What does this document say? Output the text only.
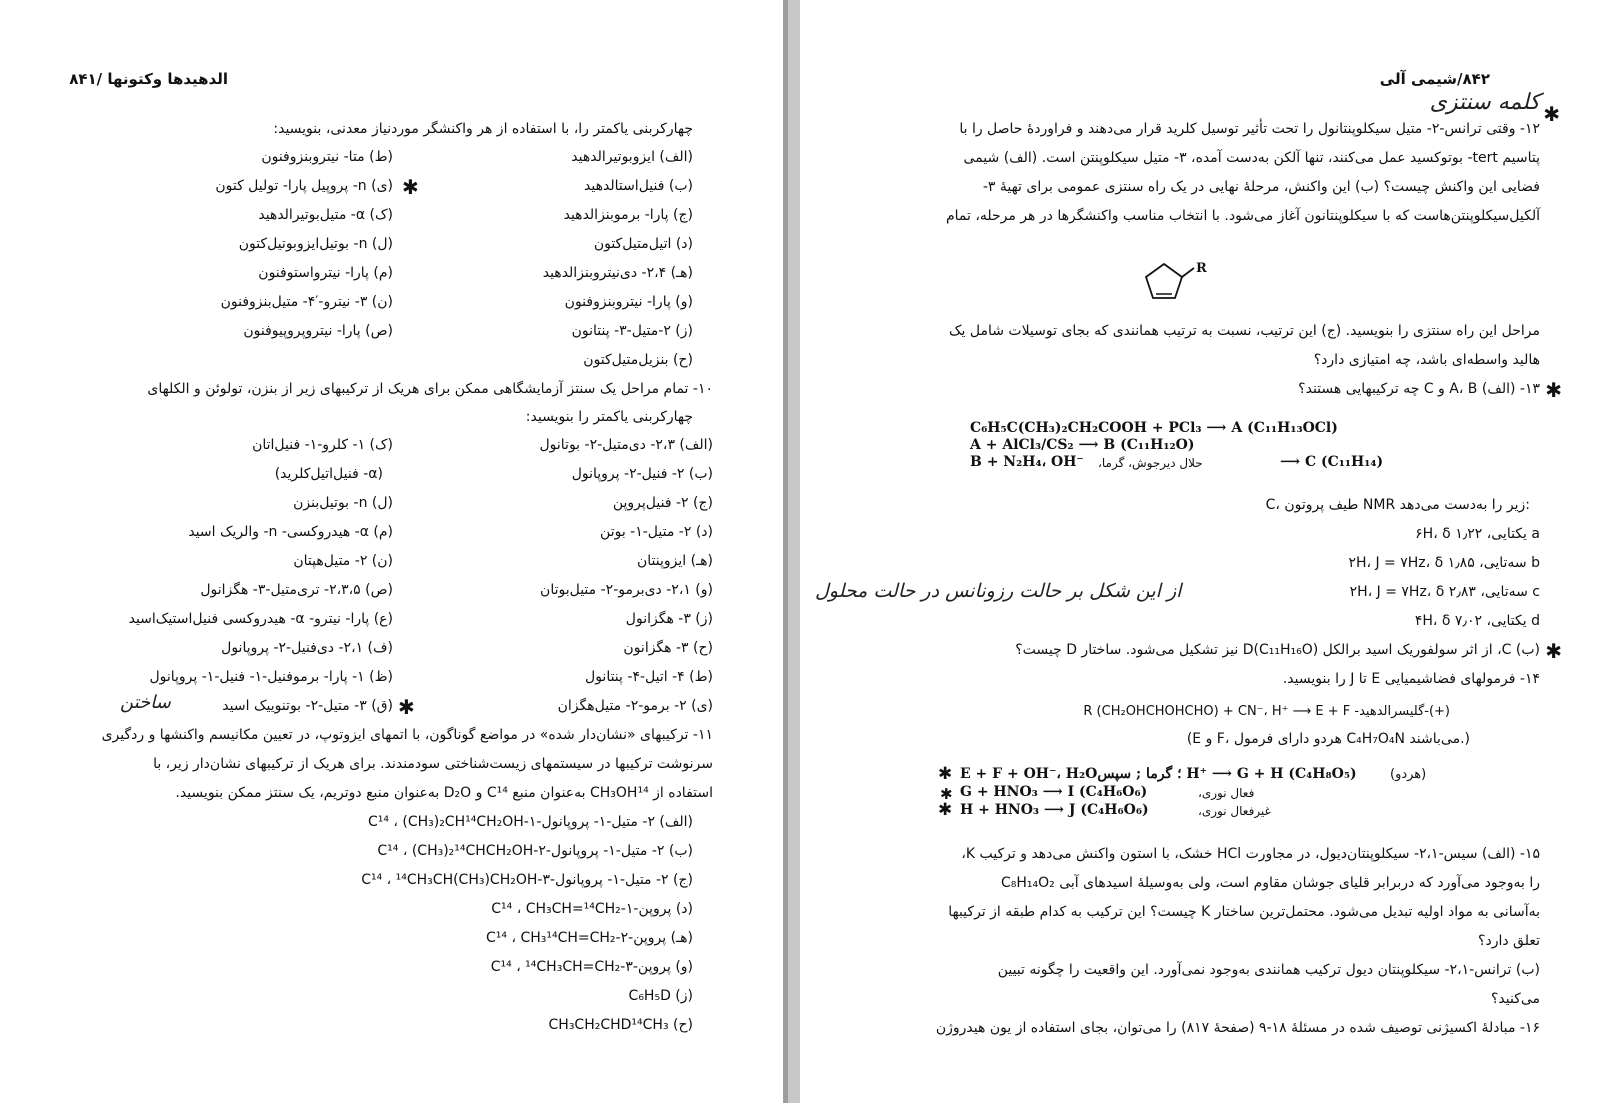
الدهیدها وکتونها /۸۴۱
چهارکربنی یاکمتر را، با استفاده از هر واکنشگر موردنیاز معدنی، بنویسید:
(الف) ایزوبوتیرالدهید
(ب) فنیل‌استالدهید
(ج) پارا- برموبنزالدهید
(د) اتیل‌متیل‌کتون
(هـ) ۲،۴- دی‌نیتروبنزالدهید
(و) پارا- نیتروبنزوفنون
(ز) ۲-متیل-۳- پنتانون
(ح) بنزیل‌متیل‌کتون
(ط) متا- نیتروبنزوفنون
(ی) n- پروپیل پارا- تولیل کتون ✱
(ک) α- متیل‌بوتیرالدهید
(ل) n- بوتیل‌ایزوبوتیل‌کتون
(م) پارا- نیترواستوفنون
(ن) ۳- نیترو-′۴- متیل‌بنزوفنون
(ص) پارا- نیتروپروپیوفنون
۱۰- تمام مراحل یک سنتز آزمایشگاهی ممکن برای هریک از ترکیبهای زیر از بنزن، تولوئن و الکلهای
چهارکربنی یاکمتر را بنویسید:
(الف) ۲،۳- دی‌متیل-۲- بوتانول
(ب) ۲- فنیل-۲- پروپانول
(ج) ۲- فنیل‌پروپن
(د) ۲- متیل-۱- بوتن
(هـ) ایزوپنتان
(و) ۲،۱- دی‌برمو-۲- متیل‌بوتان
(ز) ۳- هگزانول
(ح) ۳- هگزانون
(ط) ۴- اتیل-۴- پنتانول
(ی) ۲- برمو-۲- متیل‌هگزان
(ک) ۱- کلرو-۱- فنیل‌اتان
(α- فنیل‌اتیل‌کلرید)
(ل) n- بوتیل‌بنزن
(م) α- هیدروکسی- n- والریک اسید
(ن) ۲- متیل‌هپتان
(ص) ۲،۳،۵- تری‌متیل-۳- هگزانول
(ع) پارا- نیترو- α- هیدروکسی فنیل‌استیک‌اسید
(ف) ۲،۱- دی‌فنیل-۲- پروپانول
(ظ) ۱- پارا- برموفنیل-۱- فنیل-۱- پروپانول
(ق) ۳- متیل-۲- بوتنوییک اسید ✱
ساختن
۱۱- ترکیبهای «نشان‌دار شده» در مواضع گوناگون، با اتمهای ایزوتوپ، در تعیین مکانیسم واکنشها و ردگیری
سرنوشت ترکیبها در سیستمهای زیست‌شناختی سودمندند. برای هریک از ترکیبهای نشان‌دار زیر، با
استفاده از CH₃OH¹⁴ به‌عنوان منبع C¹⁴ و D₂O به‌عنوان منبع دوتریم، یک سنتز ممکن بنویسید.
(الف) ۲- متیل-۱- پروپانول-۱-C¹⁴ ، (CH₃)₂CH¹⁴CH₂OH
(ب) ۲- متیل-۱- پروپانول-۲-C¹⁴ ، (CH₃)₂¹⁴CHCH₂OH
(ج) ۲- متیل-۱- پروپانول-۳-C¹⁴ ، ¹⁴CH₃CH(CH₃)CH₂OH
(د) پروپن-۱-C¹⁴ ، CH₃CH=¹⁴CH₂
(هـ) پروپن-۲-C¹⁴ ، CH₃¹⁴CH=CH₂
(و) پروپن-۳-C¹⁴ ، ¹⁴CH₃CH=CH₂
(ز) C₆H₅D
(ح) CH₃CH₂CHD¹⁴CH₃
۸۴۲/شیمی آلی
کلمه سنتزی ✱
۱۲- وقتی ترانس-۲- متیل سیکلوپنتانول را تحت تأثیر توسیل کلرید قرار می‌دهند و فراوردهٔ حاصل را با
پتاسیم tert- بوتوکسید عمل می‌کنند، تنها آلکن به‌دست آمده، ۳- متیل سیکلوپنتن است. (الف) شیمی
فضایی این واکنش چیست؟ (ب) این واکنش، مرحلهٔ نهایی در یک راه سنتزی عمومی برای تهیهٔ ۳-
آلکیل‌سیکلوپنتن‌هاست که با سیکلوپنتانون آغاز می‌شود. با انتخاب مناسب واکنشگرها در هر مرحله، تمام
R
مراحل این راه سنتزی را بنویسید. (ج) این ترتیب، نسبت به ترتیب همانندی که بجای توسیلات شامل یک
هالید واسطه‌ای باشد، چه امتیازی دارد؟
۱۳- (الف) A، B و C چه ترکیبهایی هستند؟ ✱
C₆H₅C(CH₃)₂CH₂COOH + PCl₃ ⟶ A (C₁₁H₁₃OCl)
A + AlCl₃/CS₂ ⟶ B (C₁₁H₁₂O)
B + N₂H₄، OH⁻ حلال دیرجوش، گرما،	⟶ C (C₁₁H₁₄)
C، طیف پروتون NMR زیر را به‌دست می‌دهد:
a یکتایی، ۶H، δ ۱٫۲۲
b سه‌تایی، ۲H، J = ۷Hz، δ ۱٫۸۵
c سه‌تایی، ۲H، J = ۷Hz، δ ۲٫۸۳
d یکتایی، ۴H، δ ۷٫۰۲
از این شکل بر حالت رزونانس در حالت محلول
(ب) C، از اثر سولفوریک اسید برالکل D(C₁₁H₁₆O) نیز تشکیل می‌شود. ساختار D چیست؟ ✱
۱۴- فرمولهای فضاشیمیایی E تا J را بنویسید.
(+)-گلیسرالدهید- R (CH₂OHCHOHCHO) + CN⁻، H⁺ ⟶ E + F
(E و F، هردو دارای فرمول C₄H₇O₄N می‌باشند.)
E + F + OH⁻، H₂O؛ گرما ; سپس H⁺ ⟶ G + H (C₄H₈O₅)	(هردو)
G + HNO₃ ⟶ I (C₄H₆O₆)	فعال نوری،
H + HNO₃ ⟶ J (C₄H₆O₆)	غیرفعال نوری،
✱
✱
✱
۱۵- (الف) سیس-۲،۱- سیکلوپنتان‌دیول، در مجاورت HCl خشک، با استون واکنش می‌دهد و ترکیب K،
C₈H₁₄O₂ را به‌وجود می‌آورد که دربرابر قلیای جوشان مقاوم است، ولی به‌وسیلهٔ اسیدهای آبی
به‌آسانی به مواد اولیه تبدیل می‌شود. محتمل‌ترین ساختار K چیست؟ این ترکیب به کدام طبقه از ترکیبها
تعلق دارد؟
(ب) ترانس-۲،۱- سیکلوپنتان دیول ترکیب همانندی به‌وجود نمی‌آورد. این واقعیت را چگونه تبیین
می‌کنید؟
۱۶- مبادلهٔ اکسیژنی توصیف شده در مسئلهٔ ۱۸-۹ (صفحهٔ ۸۱۷) را می‌توان، بجای استفاده از یون هیدروژن
